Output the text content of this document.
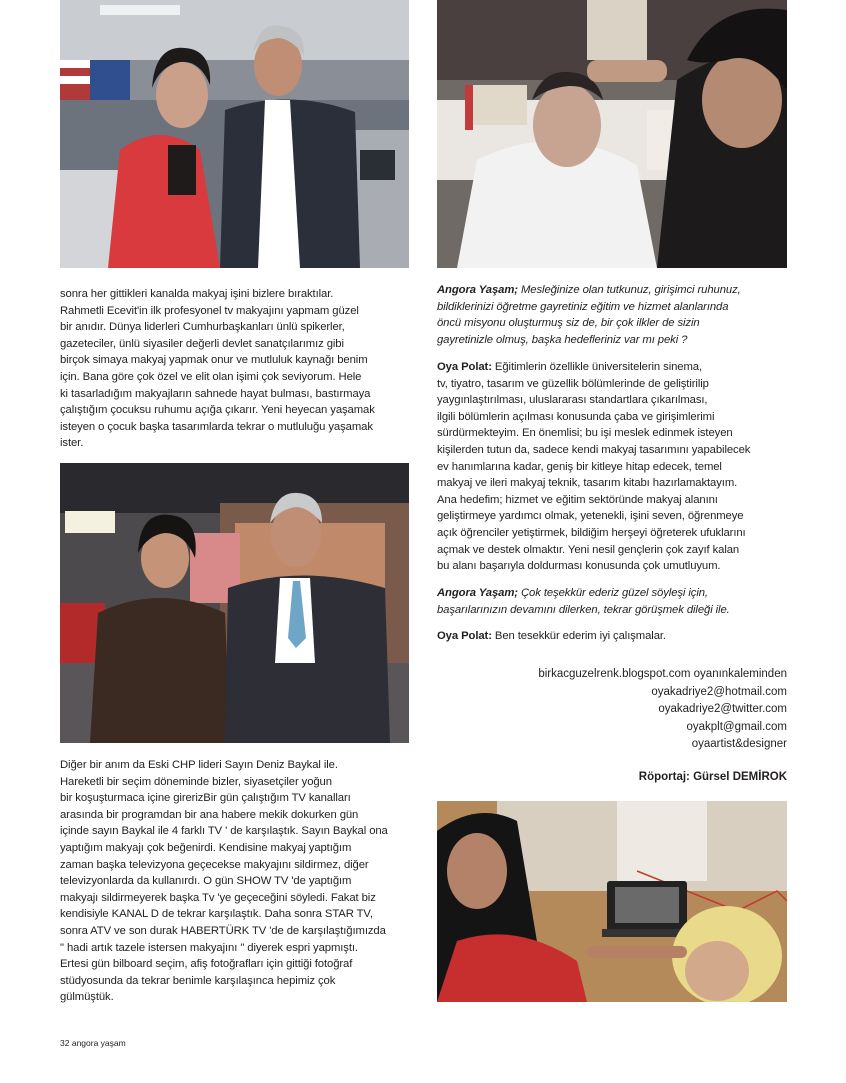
sonra her gittikleri kanalda makyaj işini bizlere bıraktılar.

Rahmetli Ecevit'in ilk profesyonel tv makyajını yapmam güzel

bir anıdır. Dünya liderleri Cumhurbaşkanları ünlü spikerler,

gazeteciler, ünlü siyasiler değerli devlet sanatçılarımız gibi

birçok simaya makyaj yapmak onur ve mutluluk kaynağı benim

için. Bana göre çok özel ve elit olan işimi çok seviyorum. Hele

ki tasarladığım makyajların sahnede hayat bulması, bastırmaya

çalıştığım çocuksu ruhumu açığa çıkarır. Yeni heyecan yaşamak

isteyen o çocuk başka tasarımlarda tekrar o mutluluğu yaşamak

ister.

Diğer bir anım da Eski CHP lideri Sayın Deniz Baykal ile.

Hareketli bir seçim döneminde bizler, siyasetçiler yoğun

bir koşuşturmaca içine girerizBir gün çalıştığım TV kanalları

arasında bir programdan bir ana habere mekik dokurken gün

içinde sayın Baykal ile 4 farklı TV ' de karşılaştık. Sayın Baykal ona

yaptığım makyajı çok beğenirdi. Kendisine makyaj yaptığım

zaman başka televizyona geçecekse makyajını sildirmez, diğer

televizyonlarda da kullanırdı. O gün SHOW TV 'de yaptığım

makyajı sildirmeyerek başka Tv 'ye geçeceğini söyledi. Fakat biz

kendisiyle KANAL D de tekrar karşılaştık. Daha sonra STAR TV,

sonra ATV ve son durak HABERTÜRK TV 'de de karşılaştığımızda

" hadi artık tazele istersen makyajını " diyerek espri yapmıştı.

Ertesi gün bilboard seçim, afiş fotoğrafları için gittiği fotoğraf

stüdyosunda da tekrar benimle karşılaşınca hepimiz çok

gülmüştük.

Angora Yaşam; Mesleğinize olan tutkunuz, girişimci ruhunuz,

bildiklerinizi öğretme gayretiniz eğitim ve hizmet alanlarında

öncü misyonu oluşturmuş siz de, bir çok ilkler de sizin

gayretinizle olmuş, başka hedefleriniz var mı peki ?

Oya Polat: Eğitimlerin özellikle üniversitelerin sinema,

tv, tiyatro, tasarım ve güzellik bölümlerinde de geliştirilip

yaygınlaştırılması, uluslararası standartlara çıkarılması,

ilgili bölümlerin açılması konusunda çaba ve girişimlerimi

sürdürmekteyim. En önemlisi; bu işi meslek edinmek isteyen

kişilerden tutun da, sadece kendi makyaj tasarımını yapabilecek

ev hanımlarına kadar, geniş bir kitleye hitap edecek, temel

makyaj ve ileri makyaj teknik, tasarım kitabı hazırlamaktayım.

Ana hedefim; hizmet ve eğitim sektöründe makyaj alanını

geliştirmeye yardımcı olmak, yetenekli, işini seven, öğrenmeye

açık öğrenciler yetiştirmek, bildiğim herşeyi öğreterek ufuklarını

açmak ve destek olmaktır. Yeni nesil gençlerin çok zayıf kalan

bu alanı başarıyla doldurması konusunda çok umutluyum.

Angora Yaşam; Çok teşekkür ederiz güzel söyleşi için,

başarılarınızın devamını dilerken, tekrar görüşmek dileği ile.

Oya Polat: Ben tesekkür ederim iyi çalışmalar.

birkacguzelrenk.blogspot.com oyanınkaleminden
oyakadriye2@hotmail.com
oyakadriye2@twitter.com
oyakplt@gmail.com
oyaartist&designer
Röportaj: Gürsel DEMİROK
32 angora yaşam
